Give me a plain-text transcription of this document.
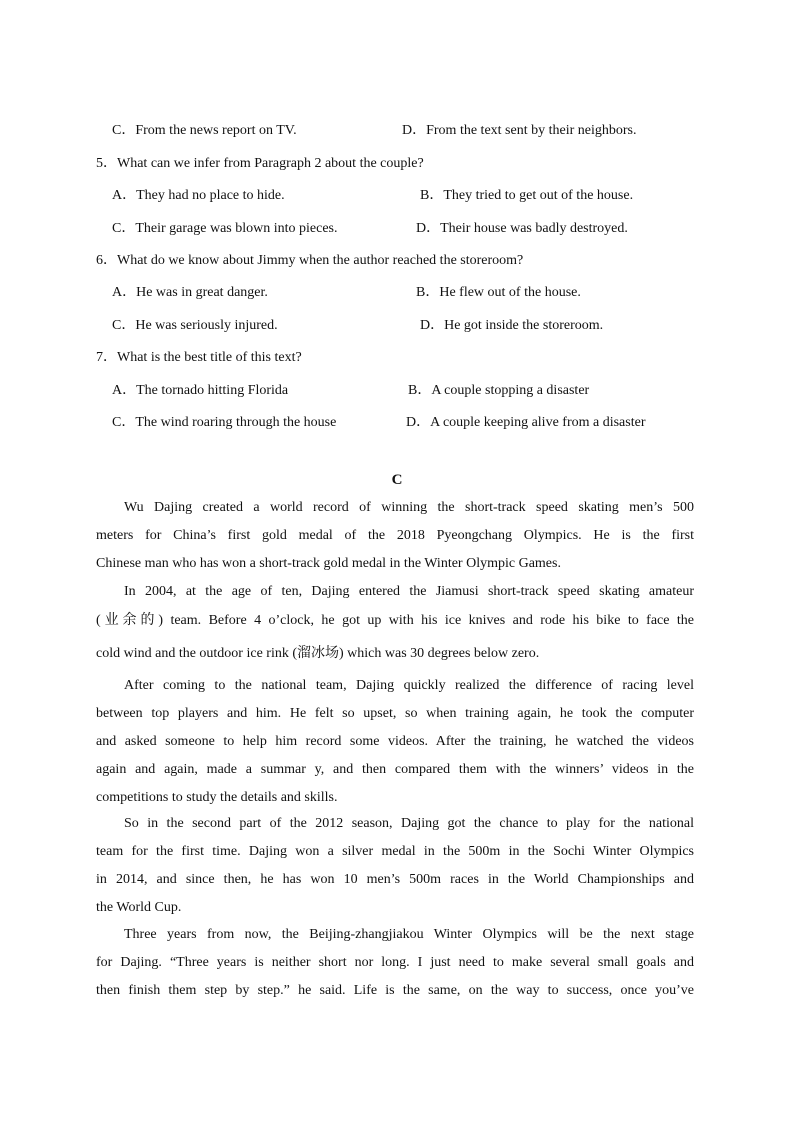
C．From the news report on TV.	D．From the text sent by their neighbors.
5．What can we infer from Paragraph 2 about the couple?
A．They had no place to hide.	B．They tried to get out of the house.
C．Their garage was blown into pieces.	D．Their house was badly destroyed.
6．What do we know about Jimmy when the author reached the storeroom?
A．He was in great danger.	B．He flew out of the house.
C．He was seriously injured.	D．He got inside the storeroom.
7．What is the best title of this text?
A．The tornado hitting Florida	B．A couple stopping a disaster
C．The wind roaring through the house	D．A couple keeping alive from a disaster
C
Wu Dajing created a world record of winning the short-track speed skating men’s 500
meters for China’s first gold medal of the 2018 Pyeongchang Olympics. He is the first
Chinese man who has won a short-track gold medal in the Winter Olympic Games.
In 2004, at the age of ten, Dajing entered the Jiamusi short-track speed skating amateur
(业余的) team. Before 4 o’clock, he got up with his ice knives and rode his bike to face the
cold wind and the outdoor ice rink (溜冰场) which was 30 degrees below zero.
After coming to the national team, Dajing quickly realized the difference of racing level
between top players and him. He felt so upset, so when training again, he took the computer
and asked someone to help him record some videos. After the training, he watched the videos
again and again, made a summar y, and then compared them with the winners’ videos in the
competitions to study the details and skills.
So in the second part of the 2012 season, Dajing got the chance to play for the national
team for the first time. Dajing won a silver medal in the 500m in the Sochi Winter Olympics
in 2014, and since then, he has won 10 men’s 500m races in the World Championships and
the World Cup.
Three years from now, the Beijing-zhangjiakou Winter Olympics will be the next stage
for Dajing. “Three years is neither short nor long. I just need to make several small goals and
then finish them step by step.” he said. Life is the same, on the way to success, once you’ve
